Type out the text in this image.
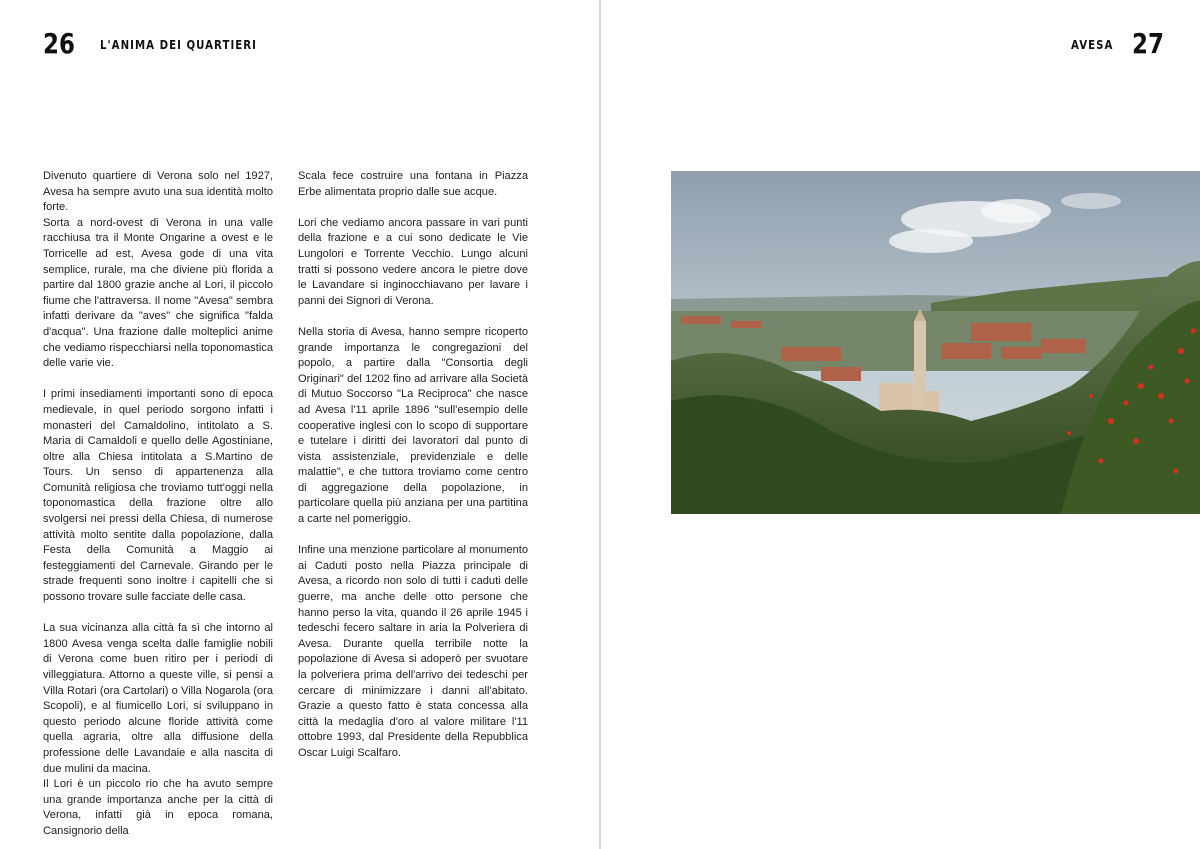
26 L'ANIMA DEI QUARTIERI

Divenuto quartiere di Verona solo nel 1927, Avesa ha sempre avuto una sua identità molto forte.

Sorta a nord-ovest di Verona in una valle racchiusa tra il Monte Ongarine a ovest e le Torricelle ad est, Avesa gode di una vita semplice, rurale, ma che diviene più florida a partire dal 1800 grazie anche al Lori, il piccolo fiume che l'attraversa. Il nome "Avesa" sembra infatti derivare da "aves" che significa "falda d'acqua". Una frazione dalle molteplici anime che vediamo rispecchiarsi nella toponomastica delle varie vie.

I primi insediamenti importanti sono di epoca medievale, in quel periodo sorgono infatti i monasteri del Camaldolino, intitolato a S. Maria di Camaldoli e quello delle Agostiniane, oltre alla Chiesa intitolata a S.Martino de Tours. Un senso di appartenenza alla Comunità religiosa che troviamo tutt'oggi nella toponomastica della frazione oltre allo svolgersi nei pressi della Chiesa, di numerose attività molto sentite dalla popolazione, dalla Festa della Comunità a Maggio ai festeggiamenti del Carnevale. Girando per le strade frequenti sono inoltre i capitelli che si possono trovare sulle facciate delle casa.

La sua vicinanza alla città fa sì che intorno al 1800 Avesa venga scelta dalle famiglie nobili di Verona come buen ritiro per i periodi di villeggiatura. Attorno a queste ville, si pensi a Villa Rotari (ora Cartolari) o Villa Nogarola (ora Scopoli), e al fiumicello Lori, si sviluppano in questo periodo alcune floride attività come quella agraria, oltre alla diffusione della professione delle Lavandaie e alla nascita di due mulini da macina.

Il Lori è un piccolo rio che ha avuto sempre una grande importanza anche per la città di Verona, infatti già in epoca romana, Cansignorio della

Scala fece costruire una fontana in Piazza Erbe alimentata proprio dalle sue acque.

Lori che vediamo ancora passare in vari punti della frazione e a cui sono dedicate le Vie Lungolori e Torrente Vecchio. Lungo alcuni tratti si possono vedere ancora le pietre dove le Lavandare si inginocchiavano per lavare i panni dei Signori di Verona.

Nella storia di Avesa, hanno sempre ricoperto grande importanza le congregazioni del popolo, a partire dalla "Consortia degli Originari" del 1202 fino ad arrivare alla Società di Mutuo Soccorso "La Reciproca" che nasce ad Avesa l'11 aprile 1896 "sull'esempio delle cooperative inglesi con lo scopo di supportare e tutelare i diritti dei lavoratori dal punto di vista assistenziale, previdenziale e delle malattie", e che tuttora troviamo come centro di aggregazione della popolazione, in particolare quella più anziana per una partitina a carte nel pomeriggio.

Infine una menzione particolare al monumento ai Caduti posto nella Piazza principale di Avesa, a ricordo non solo di tutti i caduti delle guerre, ma anche delle otto persone che hanno perso la vita, quando il 26 aprile 1945 i tedeschi fecero saltare in aria la Polveriera di Avesa. Durante quella terribile notte la popolazione di Avesa si adoperò per svuotare la polveriera prima dell'arrivo dei tedeschi per cercare di minimizzare i danni all'abitato. Grazie a questo fatto è stata concessa alla città la medaglia d'oro al valore militare l'11 ottobre 1993, dal Presidente della Repubblica Oscar Luigi Scalfaro.

AVESA 27
